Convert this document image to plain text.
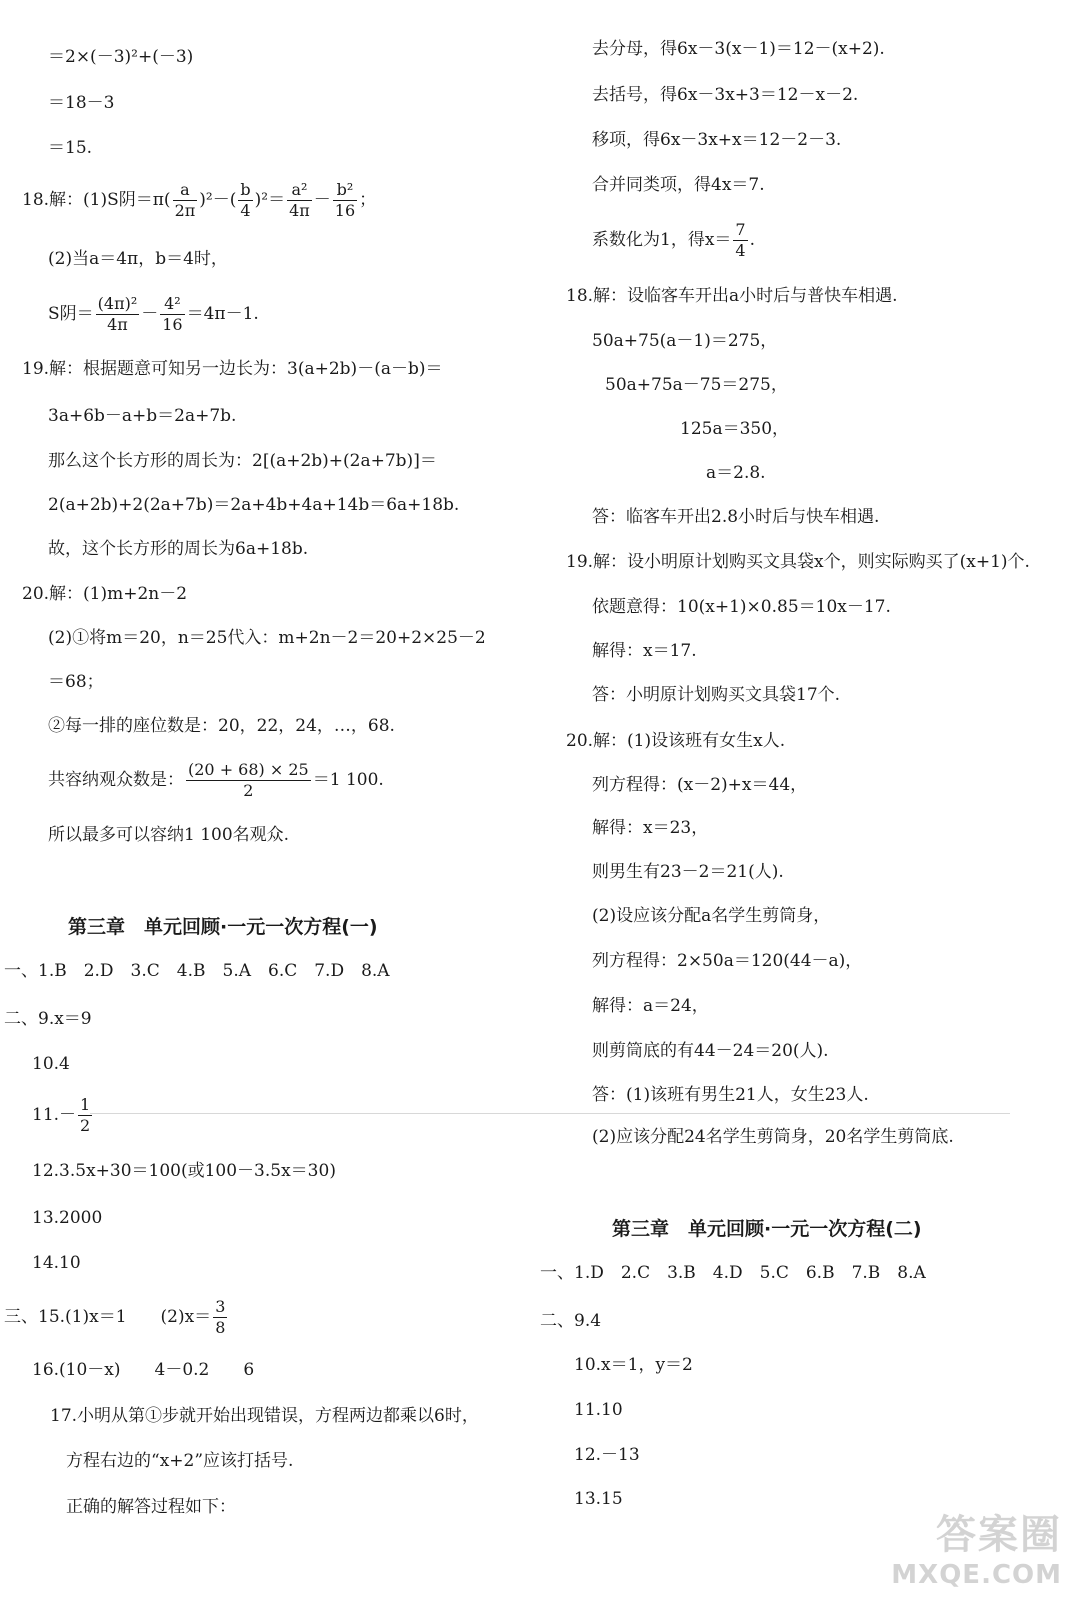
＝2×(－3)²+(－3)
＝18－3
＝15.
18.解：(1)S阴$=\pi( \frac{a}{2\pi} )^2-( \frac{b}{4} )^2= \frac{\text{a²}}{4\pi} - \frac{\text{b²}}{16}$ ；
(2)当a＝4π，b＝4时，
S阴＝ $\frac{\text{(4π)²}}{4\pi} - \frac{\text{4²}}{16} =4\pi-1$.
19.解：根据题意可知另一边长为：3(a+2b)－(a－b)＝
3a+6b－a+b＝2a+7b.
那么这个长方形的周长为：2[(a+2b)+(2a+7b)]＝
2(a+2b)+2(2a+7b)＝2a+4b+4a+14b＝6a+18b.
故，这个长方形的周长为6a+18b.
20.解：(1)m+2n－2
(2)①将m＝20，n＝25代入：m+2n－2＝20+2×25－2
＝68；
②每一排的座位数是：20，22，24，…，68.
共容纳观众数是： $\frac{(20 + 68) \times 25}{2} =1$ 100.
所以最多可以容纳1 100名观众.
第三章　单元回顾·一元一次方程(一)
一、1.B　2.D　3.C　4.B　5.A　6.C　7.D　8.A
二、9.x＝9
10.4
$11.- \frac{1}{2}$
12.3.5x+30＝100(或100－3.5x＝30)
13.2000
14.10
三、15.(1)x＝1　　$(2)x= \frac{3}{8}$
16.(10－x)　　4－0.2　　6
17.小明从第①步就开始出现错误，方程两边都乘以6时，
方程右边的“x+2”应该打括号.
正确的解答过程如下：
去分母，得6x－3(x－1)＝12－(x+2).
去括号，得6x－3x+3＝12－x－2.
移项，得6x－3x+x＝12－2－3.
合并同类项，得4x＝7.
系数化为1，得$x= \frac{7}{4}$ .
18.解：设临客车开出a小时后与普快车相遇.
50a+75(a－1)＝275，
50a+75a－75＝275，
125a＝350，
a＝2.8.
答：临客车开出2.8小时后与快车相遇.
19.解：设小明原计划购买文具袋x个，则实际购买了(x+1)个.
依题意得：10(x+1)×0.85＝10x－17.
解得：x＝17.
答：小明原计划购买文具袋17个.
20.解：(1)设该班有女生x人.
列方程得：(x－2)+x＝44，
解得：x＝23，
则男生有23－2＝21(人).
(2)设应该分配a名学生剪筒身，
列方程得：2×50a＝120(44－a)，
解得：a＝24，
则剪筒底的有44－24＝20(人).
答：(1)该班有男生21人，女生23人.
(2)应该分配24名学生剪筒身，20名学生剪筒底.
第三章　单元回顾·一元一次方程(二)
一、1.D　2.C　3.B　4.D　5.C　6.B　7.B　8.A
二、9.4
10.x＝1，y＝2
11.10
12.－13
13.15
答案圈
MXQE.COM
